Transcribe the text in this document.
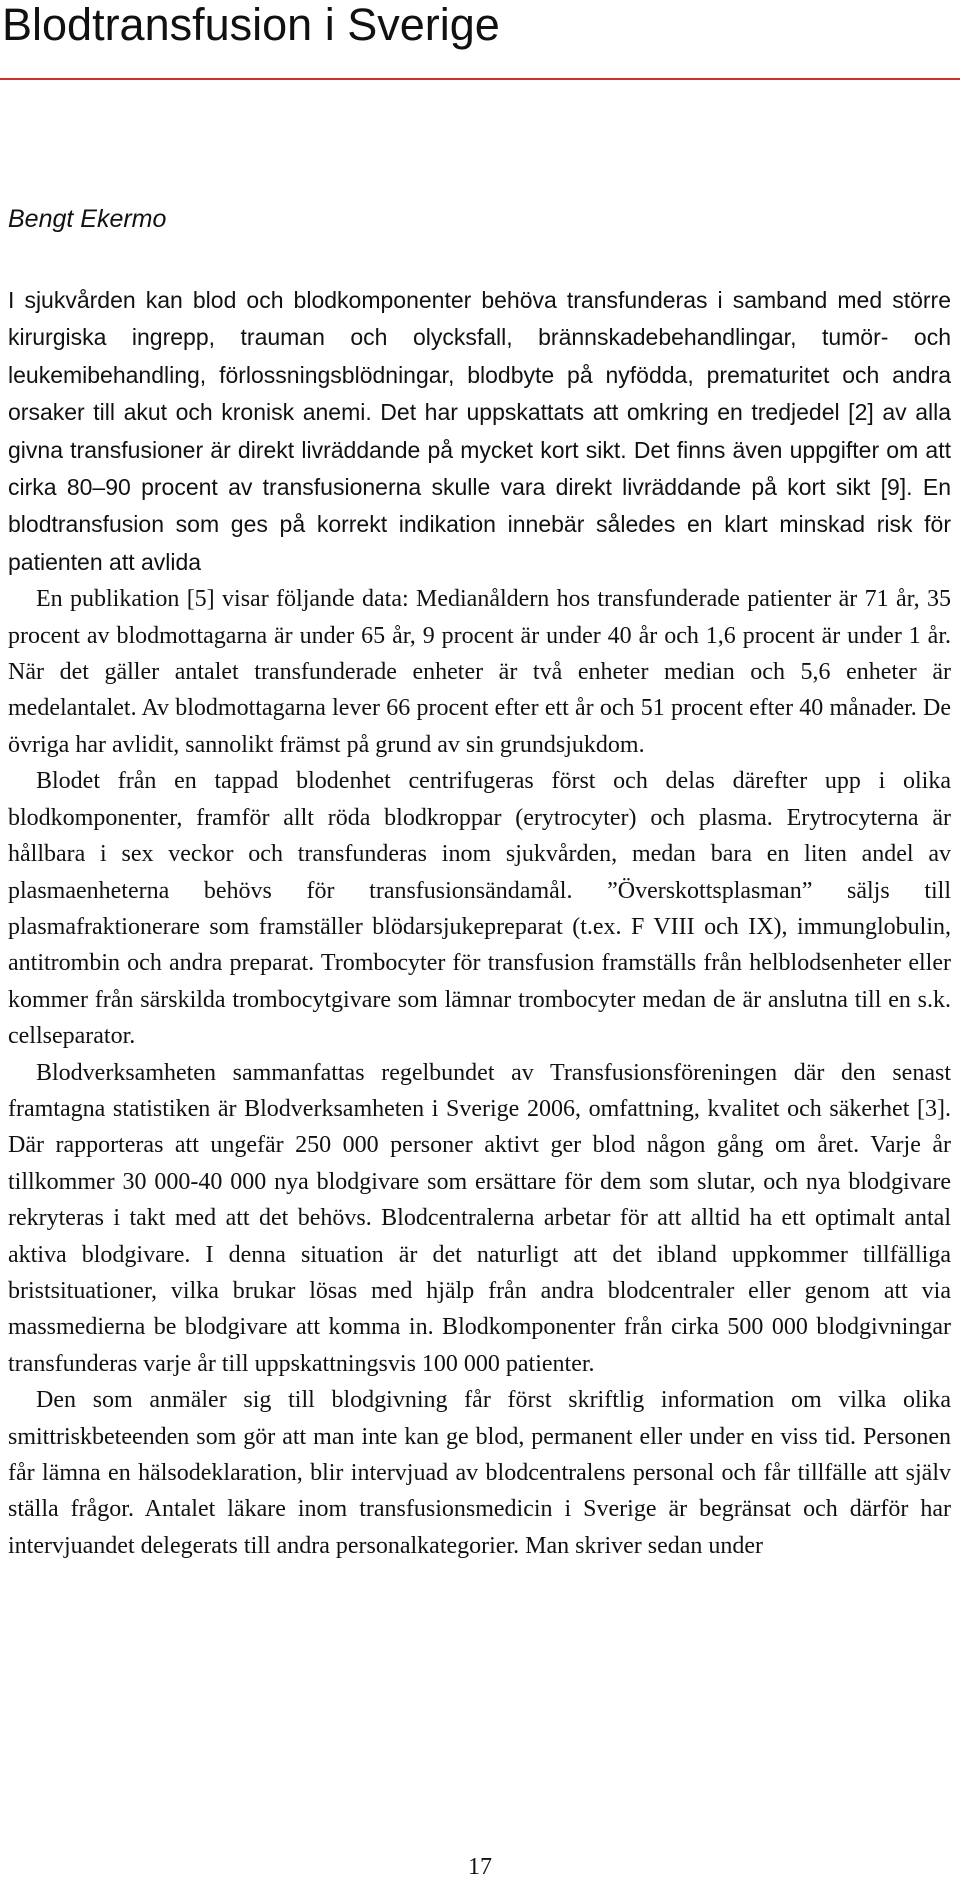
Blodtransfusion i Sverige

Bengt Ekermo

I sjukvården kan blod och blodkomponenter behöva transfunderas i samband med större kirurgiska ingrepp, trauman och olycksfall, brännskadebehandlingar, tumör- och leukemibehandling, förlossningsblödningar, blodbyte på nyfödda, prematuritet och andra orsaker till akut och kronisk anemi. Det har uppskattats att omkring en tredjedel [2] av alla givna transfusioner är direkt livräddande på mycket kort sikt. Det finns även uppgifter om att cirka 80–90 procent av transfusionerna skulle vara direkt livräddande på kort sikt [9]. En blodtransfusion som ges på korrekt indikation innebär således en klart minskad risk för patienten att avlida

En publikation [5] visar följande data: Medianåldern hos transfunderade patienter är 71 år, 35 procent av blodmottagarna är under 65 år, 9 procent är under 40 år och 1,6 procent är under 1 år. När det gäller antalet transfunderade enheter är två enheter median och 5,6 enheter är medelantalet. Av blodmottagarna lever 66 procent efter ett år och 51 procent efter 40 månader. De övriga har avlidit, sannolikt främst på grund av sin grundsjukdom.

Blodet från en tappad blodenhet centrifugeras först och delas därefter upp i olika blodkomponenter, framför allt röda blodkroppar (erytrocyter) och plasma. Erytrocyterna är hållbara i sex veckor och transfunderas inom sjukvården, medan bara en liten andel av plasmaenheterna behövs för transfusionsändamål. ”Överskottsplasman” säljs till plasmafraktionerare som framställer blödarsjukepreparat (t.ex. F VIII och IX), immunglobulin, antitrombin och andra preparat. Trombocyter för transfusion framställs från helblodsenheter eller kommer från särskilda trombocytgivare som lämnar trombocyter medan de är anslutna till en s.k. cellseparator.

Blodverksamheten sammanfattas regelbundet av Transfusionsföreningen där den senast framtagna statistiken är Blodverksamheten i Sverige 2006, omfattning, kvalitet och säkerhet [3]. Där rapporteras att ungefär 250 000 personer aktivt ger blod någon gång om året. Varje år tillkommer 30 000-40 000 nya blodgivare som ersättare för dem som slutar, och nya blodgivare rekryteras i takt med att det behövs. Blodcentralerna arbetar för att alltid ha ett optimalt antal aktiva blodgivare. I denna situation är det naturligt att det ibland uppkommer tillfälliga bristsituationer, vilka brukar lösas med hjälp från andra blodcentraler eller genom att via massmedierna be blodgivare att komma in. Blodkomponenter från cirka 500 000 blodgivningar transfunderas varje år till uppskattningsvis 100 000 patienter.

Den som anmäler sig till blodgivning får först skriftlig information om vilka olika smittriskbeteenden som gör att man inte kan ge blod, permanent eller under en viss tid. Personen får lämna en hälsodeklaration, blir intervjuad av blodcentralens personal och får tillfälle att själv ställa frågor. Antalet läkare inom transfusionsmedicin i Sverige är begränsat och därför har intervjuandet delegerats till andra personalkategorier. Man skriver sedan under

17
